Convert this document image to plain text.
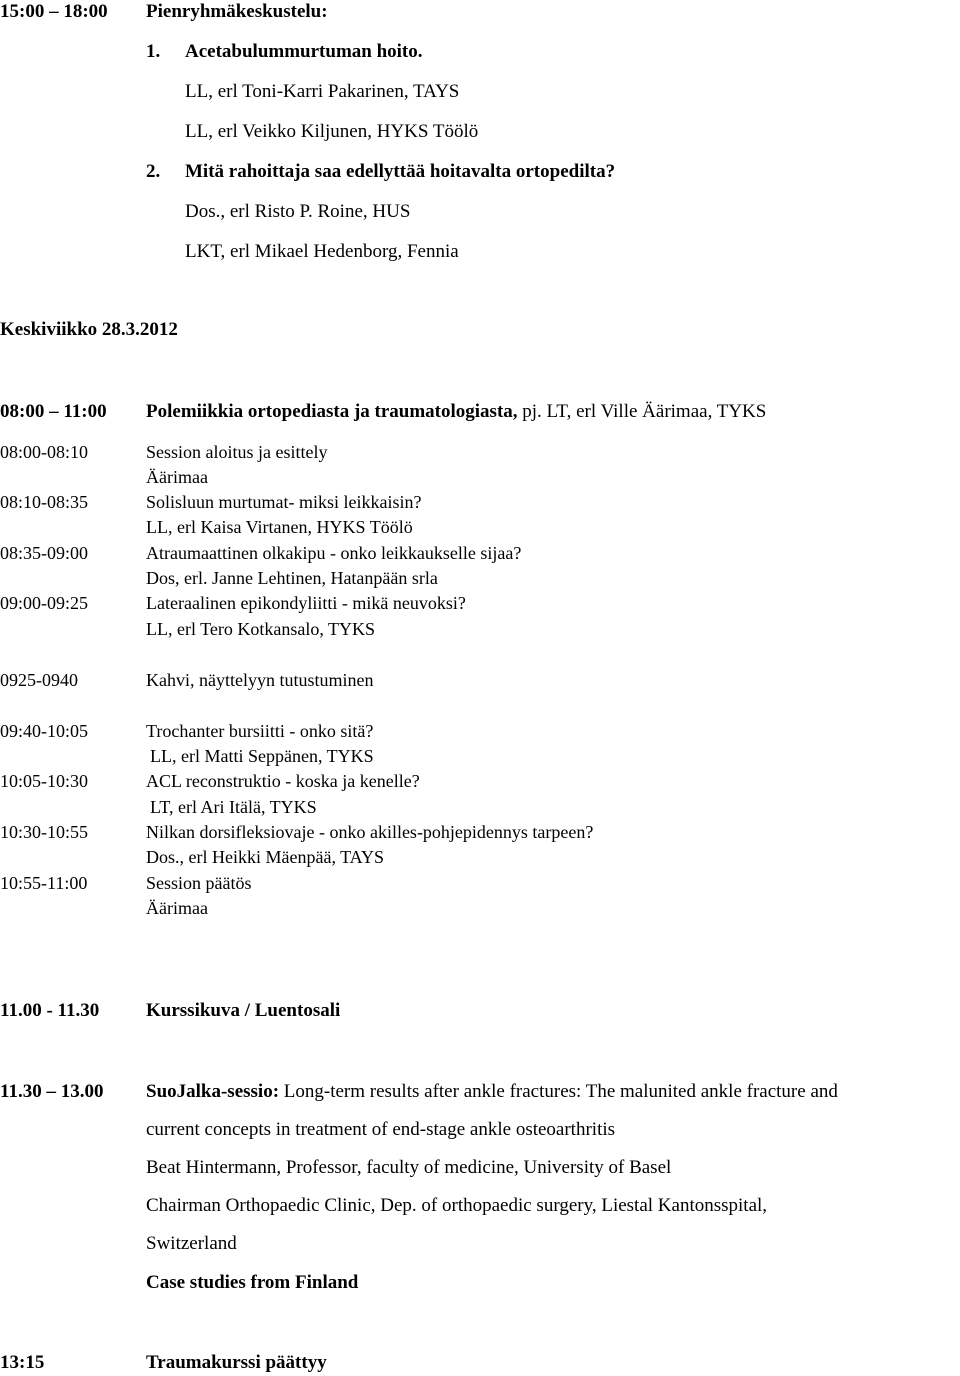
15:00 – 18:00 Pienryhmäkeskustelu:
1. Acetabulummurtuman hoito.
LL, erl Toni-Karri Pakarinen, TAYS
LL, erl Veikko Kiljunen, HYKS Töölö
2. Mitä rahoittaja saa edellyttää hoitavalta ortopedilta?
Dos., erl Risto P. Roine, HUS
LKT, erl Mikael Hedenborg, Fennia
Keskiviikko 28.3.2012
08:00 – 11:00 Polemiikkia ortopediasta ja traumatologiasta, pj. LT, erl Ville Äärimaa, TYKS
08:00-08:10	Session aloitus ja esittely
Äärimaa
08:10-08:35	Solisluun murtumat- miksi leikkaisin?
LL, erl Kaisa Virtanen, HYKS Töölö
08:35-09:00	Atraumaattinen olkakipu - onko leikkaukselle sijaa?
Dos, erl. Janne Lehtinen, Hatanpään srla
09:00-09:25	Lateraalinen epikondyliitti - mikä neuvoksi?
LL, erl Tero Kotkansalo, TYKS
0925-0940	Kahvi, näyttelyyn tutustuminen
09:40-10:05	Trochanter bursiitti - onko sitä?
LL, erl Matti Seppänen, TYKS
10:05-10:30	ACL reconstruktio - koska ja kenelle?
LT, erl Ari Itälä, TYKS
10:30-10:55	Nilkan dorsifleksiovaje - onko akilles-pohjepidennys tarpeen?
Dos., erl Heikki Mäenpää, TAYS
10:55-11:00	Session päätös
Äärimaa
11.00 - 11.30 Kurssikuva / Luentosali
11.30 – 13.00 SuoJalka-sessio: Long-term results after ankle fractures: The malunited ankle fracture and
current concepts in treatment of end-stage ankle osteoarthritis
Beat Hintermann, Professor, faculty of medicine, University of Basel
Chairman Orthopaedic Clinic, Dep. of orthopaedic surgery, Liestal Kantonsspital,
Switzerland
Case studies from Finland
13:15	Traumakurssi päättyy
